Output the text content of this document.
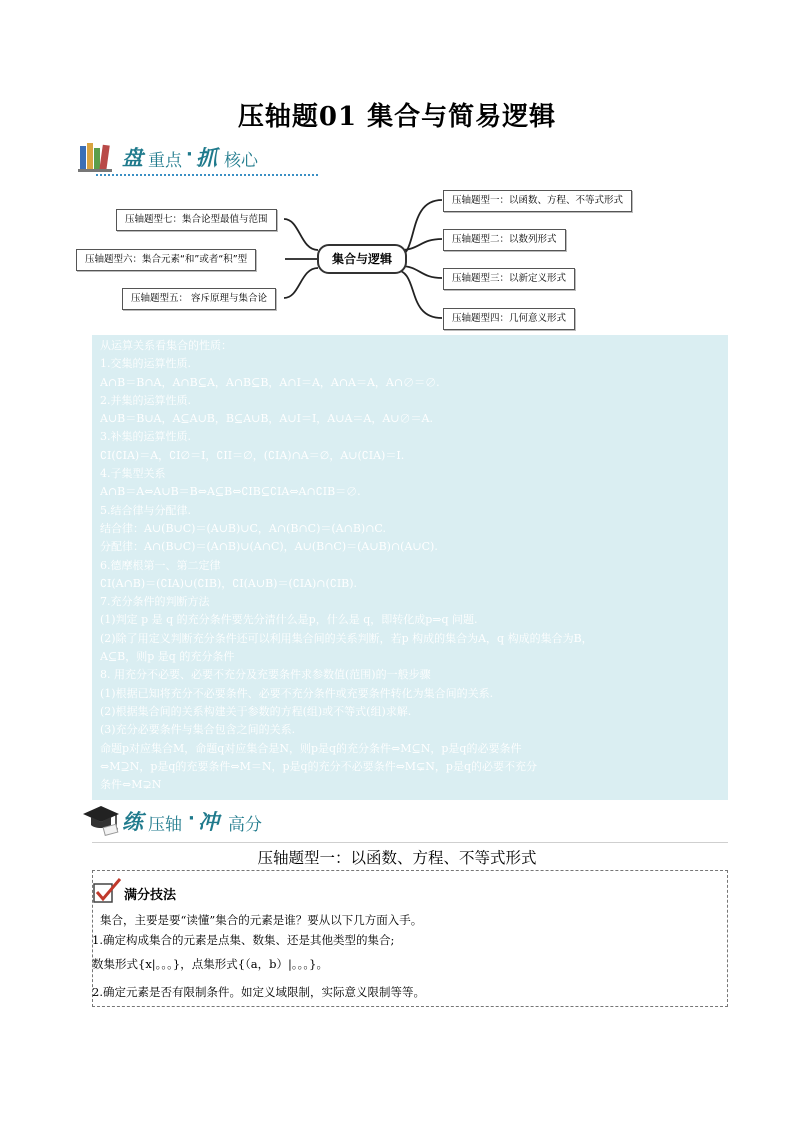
压轴题01 集合与简易逻辑
盘 重点 · 抓 核心
集合与逻辑
压轴题型一：以函数、方程、不等式形式
压轴题型二：以数列形式
压轴题型三：以新定义形式
压轴题型四：几何意义形式
压轴题型七：集合论型最值与范围
压轴题型六：集合元素“和”或者“积”型
压轴题型五： 容斥原理与集合论
从运算关系看集合的性质：
1.交集的运算性质.
A∩B＝B∩A，A∩B⊆A，A∩B⊆B，A∩I＝A，A∩A＝A，A∩∅＝∅.
2.并集的运算性质.
A∪B＝B∪A，A⊆A∪B，B⊆A∪B，A∪I＝I，A∪A＝A，A∪∅＝A.
3.补集的运算性质.
∁I(∁IA)＝A，∁I∅＝I，∁II＝∅，(∁IA)∩A＝∅，A∪(∁IA)＝I.
4.子集型关系
A∩B＝A⇔A∪B＝B⇔A⊆B⇔∁IB⊆∁IA⇔A∩∁IB＝∅.
5.结合律与分配律.
结合律：A∪(B∪C)＝(A∪B)∪C，A∩(B∩C)＝(A∩B)∩C.
分配律：A∩(B∪C)＝(A∩B)∪(A∩C)，A∪(B∩C)＝(A∪B)∩(A∪C).
6.德摩根第一、第二定律
∁I(A∩B)＝(∁IA)∪(∁IB)，∁I(A∪B)＝(∁IA)∩(∁IB).
7.充分条件的判断方法
(1)判定 p 是 q 的充分条件要先分清什么是p，什么是 q，即转化成p⇒q 问题.
(2)除了用定义判断充分条件还可以利用集合间的关系判断，若p 构成的集合为A，q 构成的集合为B，
A⊆B，则p 是q 的充分条件
8. 用充分不必要、必要不充分及充要条件求参数值(范围)的一般步骤
(1)根据已知将充分不必要条件、必要不充分条件或充要条件转化为集合间的关系.
(2)根据集合间的关系构建关于参数的方程(组)或不等式(组)求解.
(3)充分必要条件与集合包含之间的关系.
命题p对应集合M，命题q对应集合是N，则p是q的充分条件⇔M⊆N，p是q的必要条件
⇔M⊇N，p是q的充要条件⇔M＝N，p是q的充分不必要条件⇔M⊊N，p是q的必要不充分
条件⇔M⊋N
练 压轴 · 冲 高分
压轴题型一：以函数、方程、不等式形式
满分技法
集合，主要是要“读懂”集合的元素是谁？要从以下几方面入手。
1.确定构成集合的元素是点集、数集、还是其他类型的集合;
数集形式{x|。。。}，点集形式{（a，b）|。。。}。
2.确定元素是否有限制条件。如定义域限制，实际意义限制等等。
